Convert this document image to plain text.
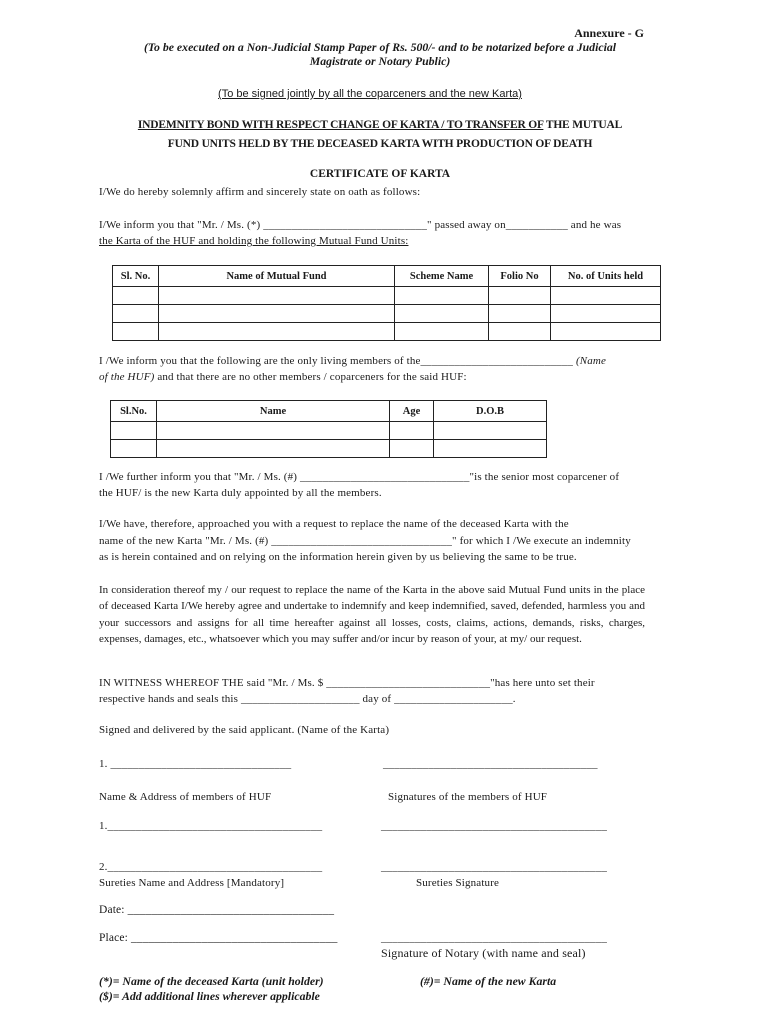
Annexure - G
(To be executed on a Non-Judicial Stamp Paper of Rs. 500/- and to be notarized before a Judicial
Magistrate or Notary Public)
(To be signed jointly by all the coparceners and the new Karta)
INDEMNITY BOND WITH RESPECT CHANGE OF KARTA / TO TRANSFER OF THE MUTUAL
FUND UNITS HELD BY THE DECEASED KARTA WITH PRODUCTION OF DEATH
CERTIFICATE OF KARTA
I/We do hereby solemnly affirm and sincerely state on oath as follows:
I/We inform you that "Mr. / Ms. (*) _____________________________" passed away on___________ and he was
the Karta of the HUF and holding the following Mutual Fund Units:
Sl. No.	Name of Mutual Fund	Scheme Name	Folio No	No. of Units held

I /We inform you that the following are the only living members of the___________________________ (Name
of the HUF) and that there are no other members / coparceners for the said HUF:
Sl.No.	Name	Age	D.O.B

I /We further inform you that "Mr. / Ms. (#) ______________________________"is the senior most coparcener of
the HUF/ is the new Karta duly appointed by all the members.
I/We have, therefore, approached you with a request to replace the name of the deceased Karta with the
name of the new Karta "Mr. / Ms. (#) ________________________________" for which I /We execute an indemnity
as is herein contained and on relying on the information herein given by us believing the same to be true.
In consideration thereof my / our request to replace the name of the Karta in the above said Mutual Fund units in the place of deceased Karta I/We hereby agree and undertake to indemnify and keep indemnified, saved, defended, harmless you and your successors and assigns for all time hereafter against all losses, costs, claims, actions, demands, risks, charges, expenses, damages, etc., whatsoever which you may suffer and/or incur by reason of your, at my/ our request.
IN WITNESS WHEREOF THE said "Mr. / Ms. $ _____________________________"has here unto set their
respective hands and seals this _____________________ day of _____________________.
Signed and delivered by the said applicant. (Name of the Karta)
1. ________________________________	______________________________________
Name & Address of members of HUF	Signatures of the members of HUF
1.______________________________________	________________________________________
2.______________________________________	________________________________________
Sureties Name and Address [Mandatory]	Sureties Signature
Date: ___________________________________
Place: ___________________________________	________________________________________
Signature of Notary (with name and seal)
(*)= Name of the deceased Karta (unit holder)
($)= Add additional lines wherever applicable
(#)= Name of the new Karta
